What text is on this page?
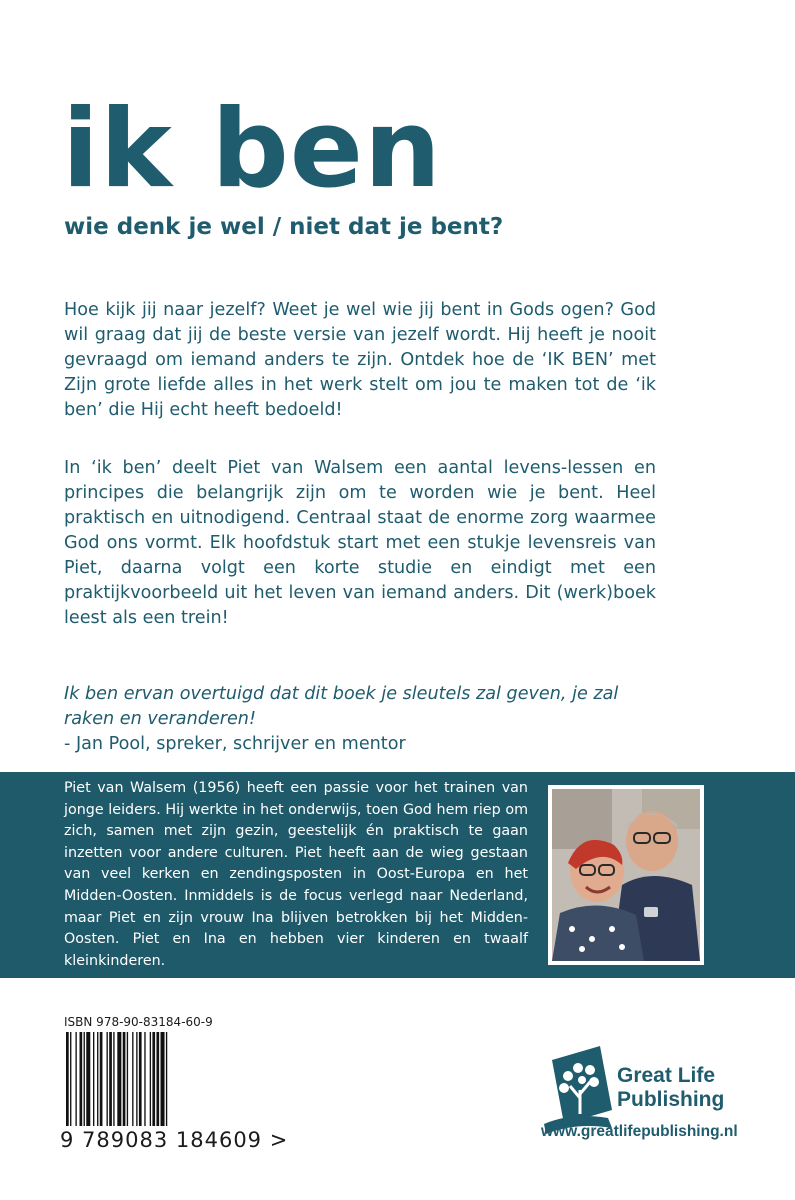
ik ben
wie denk je wel / niet dat je bent?
Hoe kijk jij naar jezelf? Weet je wel wie jij bent in Gods ogen? God wil graag dat jij de beste versie van jezelf wordt. Hij heeft je nooit gevraagd om iemand anders te zijn. Ontdek hoe de ‘IK BEN’ met Zijn grote liefde alles in het werk stelt om jou te maken tot de ‘ik ben’ die Hij echt heeft bedoeld!
In ‘ik ben’ deelt Piet van Walsem een aantal levens-lessen en principes die belangrijk zijn om te worden wie je bent. Heel praktisch en uitnodigend. Centraal staat de enorme zorg waarmee God ons vormt. Elk hoofdstuk start met een stukje levensreis van Piet, daarna volgt een korte studie en eindigt met een praktijkvoorbeeld uit het leven van iemand anders. Dit (werk)boek leest als een trein!
Ik ben ervan overtuigd dat dit boek je sleutels zal geven, je zal raken en veranderen!
- Jan Pool, spreker, schrijver en mentor
Piet van Walsem (1956) heeft een passie voor het trainen van jonge leiders. Hij werkte in het onderwijs, toen God hem riep om zich, samen met zijn gezin, geestelijk én praktisch te gaan inzetten voor andere culturen. Piet heeft aan de wieg gestaan van veel kerken en zendingsposten in Oost-Europa en het Midden-Oosten. Inmiddels is de focus verlegd naar Nederland, maar Piet en zijn vrouw Ina blijven betrokken bij het Midden-Oosten. Piet en Ina en hebben vier kinderen en twaalf kleinkinderen.
ISBN 978-90-83184-60-9
9 789083 184609 >
Great Life
Publishing
www.greatlifepublishing.nl
